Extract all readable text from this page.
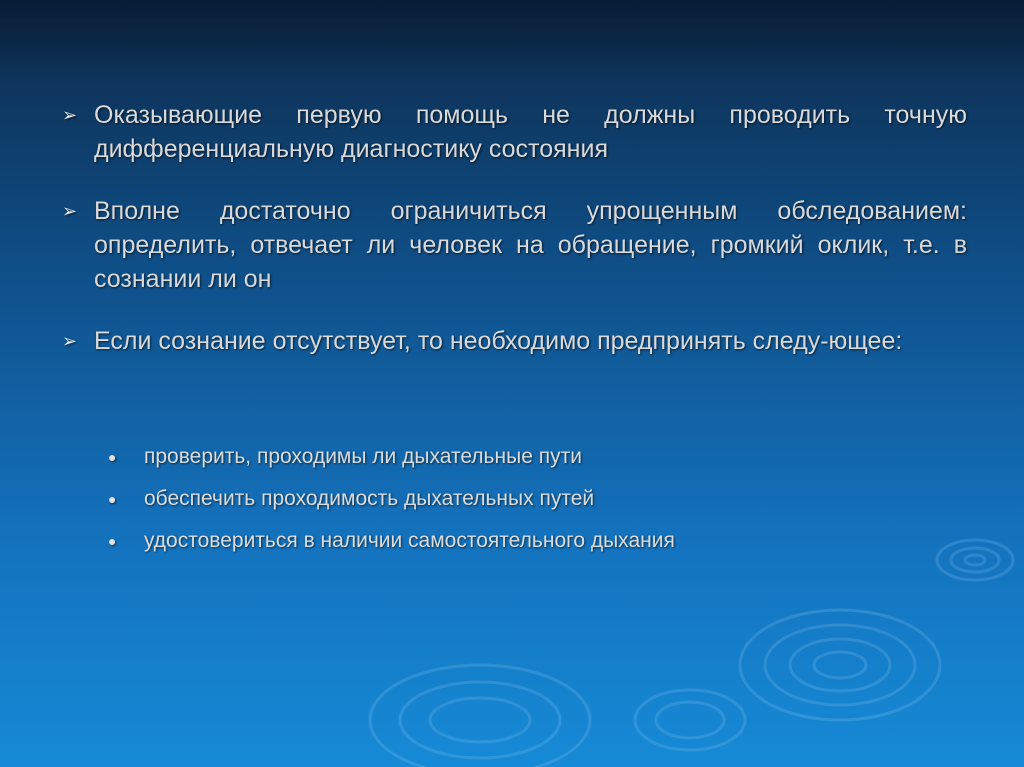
➢ Оказывающие первую помощь не должны проводить точную дифференциальную диагностику состояния
➢ Вполне достаточно ограничиться упрощенным обследованием: определить, отвечает ли человек на обращение, громкий оклик, т.е. в сознании ли он
➢ Если сознание отсутствует, то необходимо предпринять следу-ющее:
●	проверить, проходимы ли дыхательные пути
●	обеспечить проходимость дыхательных путей
●	удостовериться в наличии самостоятельного дыхания
